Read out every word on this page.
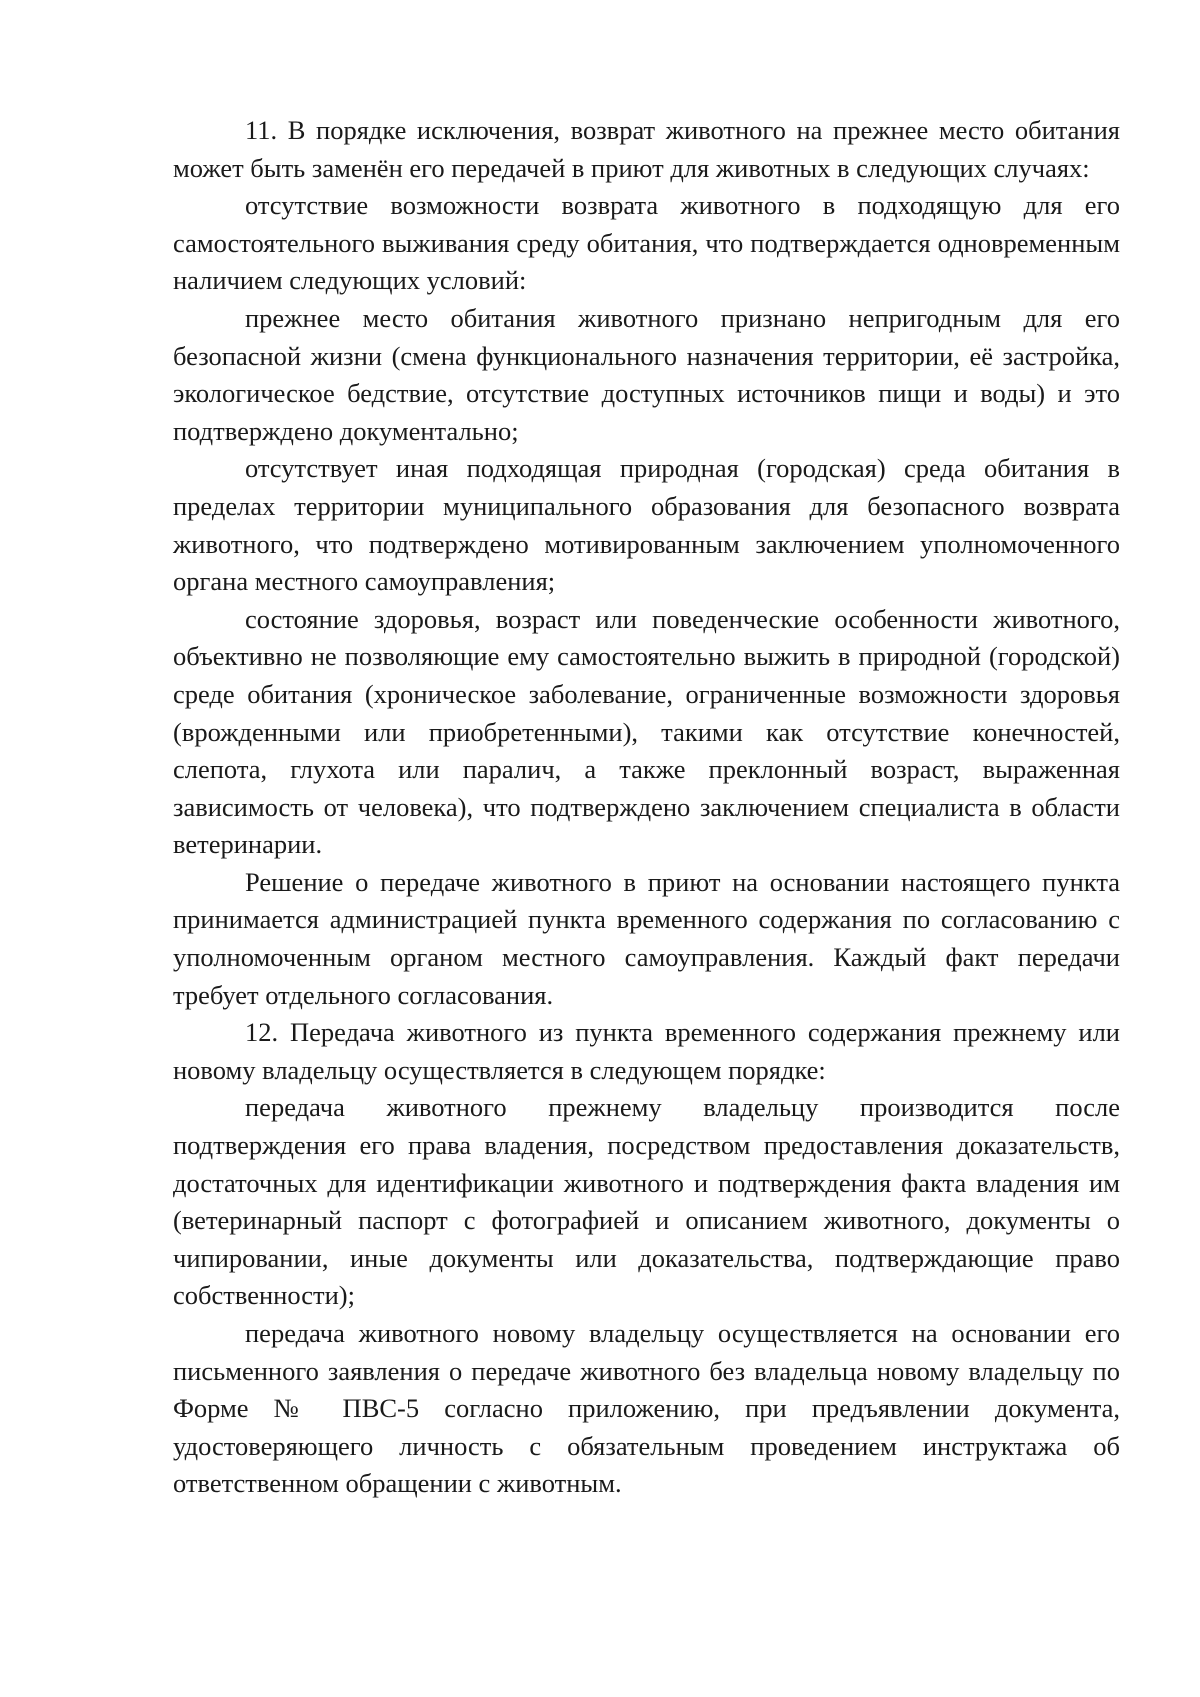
11. В порядке исключения, возврат животного на прежнее место обитания может быть заменён его передачей в приют для животных в следующих случаях:

отсутствие возможности возврата животного в подходящую для его самостоятельного выживания среду обитания, что подтверждается одновременным наличием следующих условий:

прежнее место обитания животного признано непригодным для его безопасной жизни (смена функционального назначения территории, её застройка, экологическое бедствие, отсутствие доступных источников пищи и воды) и это подтверждено документально;

отсутствует иная подходящая природная (городская) среда обитания в пределах территории муниципального образования для безопасного возврата животного, что подтверждено мотивированным заключением уполномоченного органа местного самоуправления;

состояние здоровья, возраст или поведенческие особенности животного, объективно не позволяющие ему самостоятельно выжить в природной (городской) среде обитания (хроническое заболевание, ограниченные возможности здоровья (врожденными или приобретенными), такими как отсутствие конечностей, слепота, глухота или паралич, а также преклонный возраст, выраженная зависимость от человека), что подтверждено заключением специалиста в области ветеринарии.

Решение о передаче животного в приют на основании настоящего пункта принимается администрацией пункта временного содержания по согласованию с уполномоченным органом местного самоуправления. Каждый факт передачи требует отдельного согласования.

12. Передача животного из пункта временного содержания прежнему или новому владельцу осуществляется в следующем порядке:

передача животного прежнему владельцу производится после подтверждения его права владения, посредством предоставления доказательств, достаточных для идентификации животного и подтверждения факта владения им (ветеринарный паспорт с фотографией и описанием животного, документы о чипировании, иные документы или доказательства, подтверждающие право собственности);

передача животного новому владельцу осуществляется на основании его письменного заявления о передаче животного без владельца новому владельцу по Форме № ПВС-5 согласно приложению, при предъявлении документа, удостоверяющего личность с обязательным проведением инструктажа об ответственном обращении с животным.
